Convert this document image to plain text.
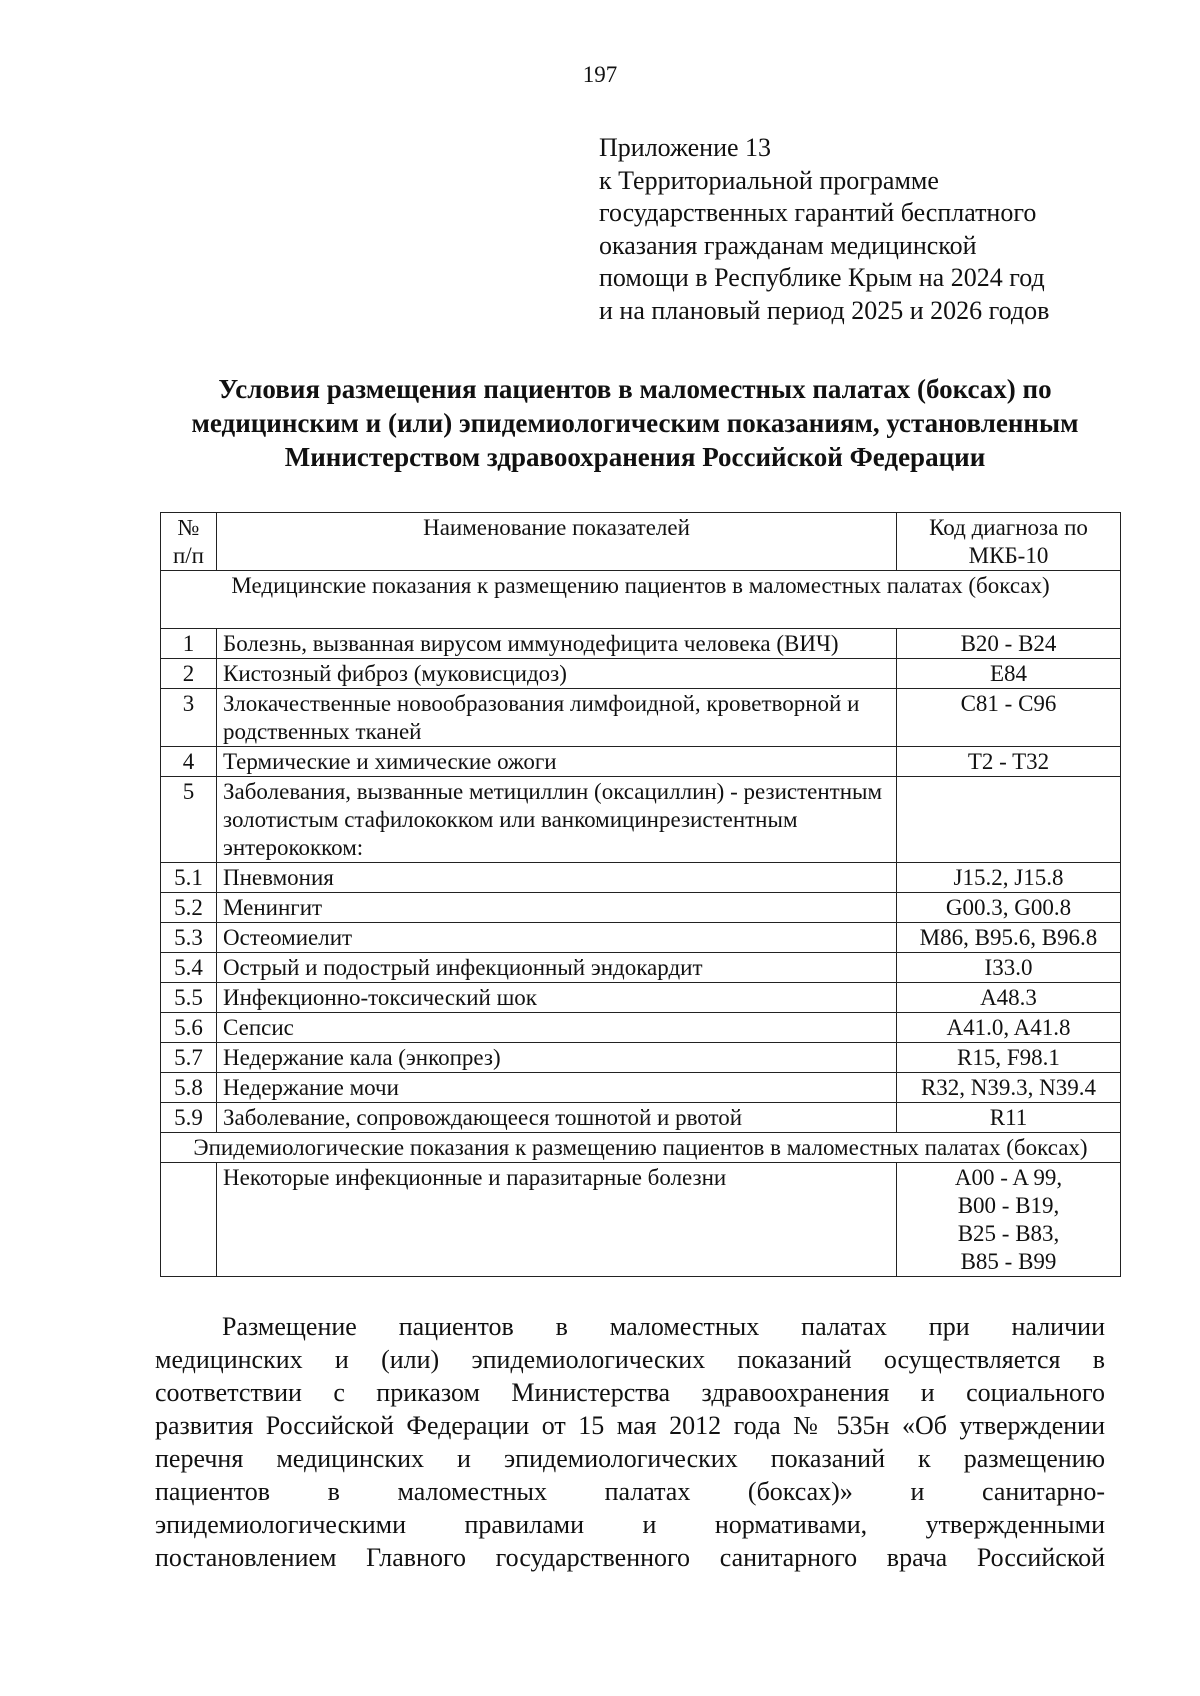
197
Приложение 13
к Территориальной программе
государственных гарантий бесплатного
оказания гражданам медицинской
помощи в Республике Крым на 2024 год
и на плановый период 2025 и 2026 годов
Условия размещения пациентов в маломестных палатах (боксах) по
медицинским и (или) эпидемиологическим показаниям, установленным
Министерством здравоохранения Российской Федерации
№ п/п	Наименование показателей	Код диагноза по МКБ-10
Медицинские показания к размещению пациентов в маломестных палатах (боксах)		
1	Болезнь, вызванная вирусом иммунодефицита человека (ВИЧ)	B20 - B24
2	Кистозный фиброз (муковисцидоз)	E84
3	Злокачественные новообразования лимфоидной, кроветворной и родственных тканей	C81 - C96
4	Термические и химические ожоги	T2 - T32
5	Заболевания, вызванные метициллин (оксациллин) - резистентным золотистым стафилококком или ванкомицинрезистентным энтерококком:	
5.1	Пневмония	J15.2, J15.8
5.2	Менингит	G00.3, G00.8
5.3	Остеомиелит	M86, B95.6, B96.8
5.4	Острый и подострый инфекционный эндокардит	I33.0
5.5	Инфекционно-токсический шок	A48.3
5.6	Сепсис	A41.0, A41.8
5.7	Недержание кала (энкопрез)	R15, F98.1
5.8	Недержание мочи	R32, N39.3, N39.4
5.9	Заболевание, сопровождающееся тошнотой и рвотой	R11
Эпидемиологические показания к размещению пациентов в маломестных палатах (боксах)		
	Некоторые инфекционные и паразитарные болезни	A00 - A 99,
B00 - B19,
B25 - B83,
B85 - B99
Размещение пациентов в маломестных палатах при наличии
медицинских и (или) эпидемиологических показаний осуществляется в
соответствии с приказом Министерства здравоохранения и социального
развития Российской Федерации от 15 мая 2012 года № 535н «Об утверждении
перечня медицинских и эпидемиологических показаний к размещению
пациентов в маломестных палатах (боксах)» и санитарно-
эпидемиологическими правилами и нормативами, утвержденными
постановлением Главного государственного санитарного врача Российской
